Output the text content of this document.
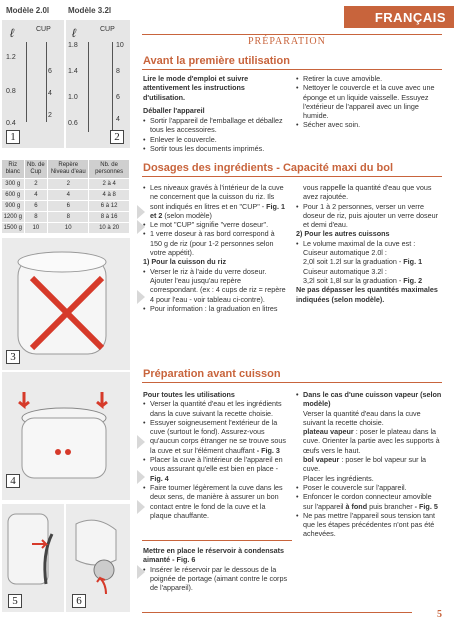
Modèle 2.0l Modèle 3.2l
ℓ	CUP
1.2
0.8
0.4
6
4
2
1
ℓ	CUP
1.8
1.4
1.0
0.6
10
8
6
4
2
Riz blanc	Nb. de Cup	Repère Niveau d'eau	Nb. de personnes
300 g	2	2	2 à 4
600 g	4	4	4 à 8
900 g	6	6	6 à 12
1200 g	8	8	8 à 16
1500 g	10	10	10 à 20
3
4
5	6
FRANÇAIS
PRÉPARATION
Avant la première utilisation

Lire le mode d'emploi et suivre attentivement les instructions d'utilisation.

Déballer l'appareil

• Sortir l'appareil de l'emballage et déballez tous les accessoires.
• Enlever le couvercle.
• Sortir tous les documents imprimés.
• Retirer la cuve amovible.
• Nettoyer le couvercle et la cuve avec une éponge et un liquide vaisselle. Essuyez l'extérieur de l'appareil avec un linge humide.
• Sécher avec soin.
Dosages des ingrédients - Capacité maxi du bol
• Les niveaux gravés à l'intérieur de la cuve ne concernent que la cuisson du riz. Ils sont indiqués en litres et en "CUP" - Fig. 1 et 2 (selon modèle)
• Le mot "CUP" signifie "verre doseur".
• 1 verre doseur à ras bord correspond à 150 g de riz (pour 1-2 personnes selon votre appétit).

1) Pour la cuisson du riz

• Verser le riz à l'aide du verre doseur. Ajouter l'eau jusqu'au repère correspondant. (ex : 4 cups de riz = repère 4 pour l'eau - voir tableau ci-contre).
• Pour information : la graduation en litres

vous rappelle la quantité d'eau que vous avez rajoutée.

• Pour 1 à 2 personnes, verser un verre doseur de riz, puis ajouter un verre doseur et demi d'eau.

2) Pour les autres cuissons

• Le volume maximal de la cuve est :

Cuiseur automatique 2.0l :

2,0l soit 1.2l sur la graduation - Fig. 1

Cuiseur automatique 3.2l :

3,2l soit 1,8l sur la graduation - Fig. 2

Ne pas dépasser les quantités maximales indiquées (selon modèle).

Préparation avant cuisson

Pour toutes les utilisations

• Verser la quantité d'eau et les ingrédients dans la cuve suivant la recette choisie.
• Essuyer soigneusement l'extérieur de la cuve (surtout le fond). Assurez-vous qu'aucun corps étranger ne se trouve sous la cuve et sur l'élément chauffant - Fig. 3
• Placer la cuve à l'intérieur de l'appareil en vous assurant qu'elle est bien en place - Fig. 4
• Faire tourner légèrement la cuve dans les deux sens, de manière à assurer un bon contact entre le fond de la cuve et la plaque chauffante.
• Dans le cas d'une cuisson vapeur (selon modèle)

Verser la quantité d'eau dans la cuve suivant la recette choisie.

plateau vapeur : poser le plateau dans la cuve. Orienter la partie avec les supports à œufs vers le haut.

bol vapeur : poser le bol vapeur sur la cuve.

Placer les ingrédients.

• Poser le couvercle sur l'appareil.
• Enfoncer le cordon connecteur amovible sur l'appareil à fond puis brancher - Fig. 5
• Ne pas mettre l'appareil sous tension tant que les étapes précédentes n'ont pas été achevées.

Mettre en place le réservoir à condensats aimanté - Fig. 6

• Insérer le réservoir par le dessous de la poignée de portage (aimant contre le corps de l'appareil).
5
